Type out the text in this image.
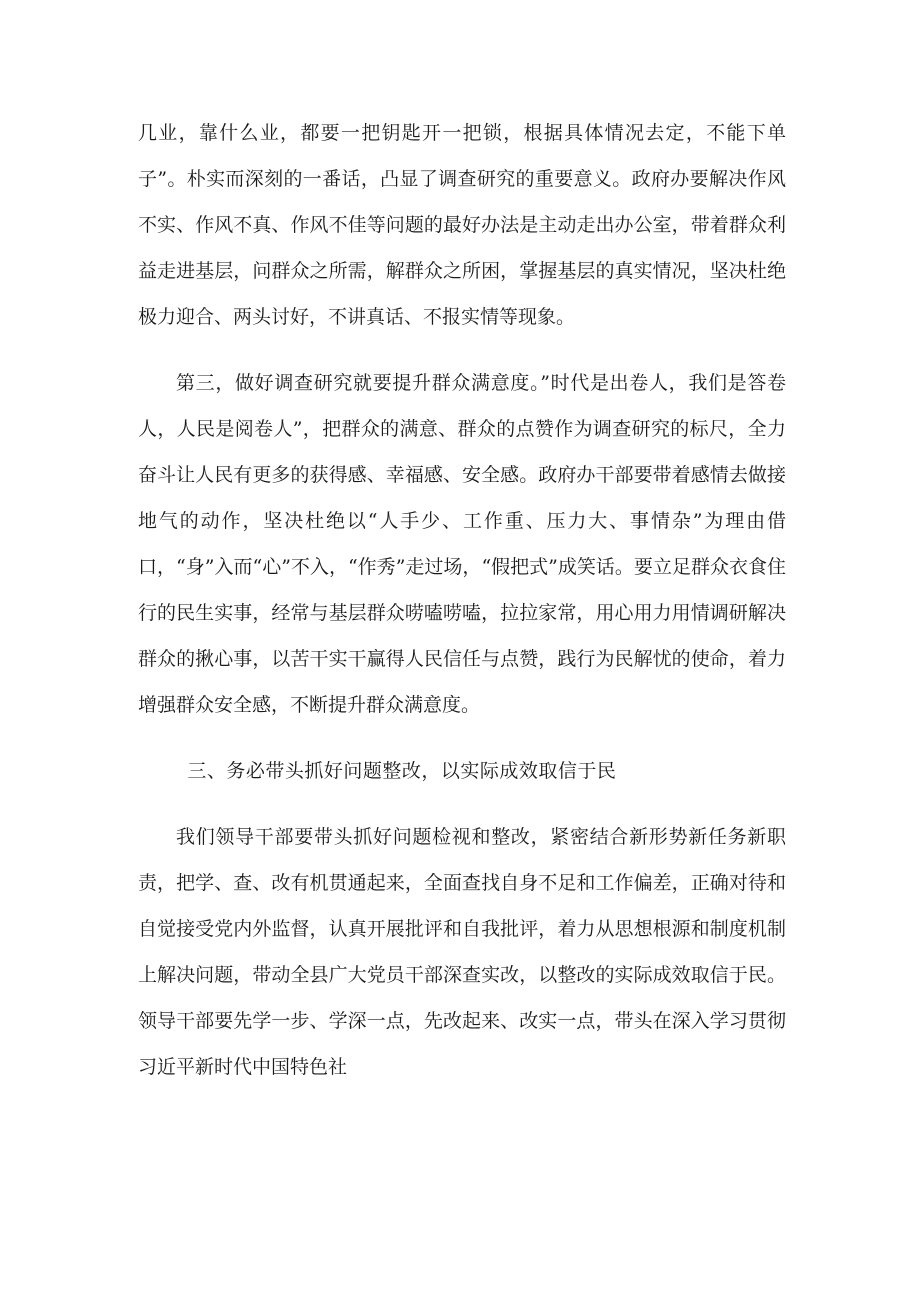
几业，靠什么业，都要一把钥匙开一把锁，根据具体情况去定，不能下单子”。朴实而深刻的一番话，凸显了调查研究的重要意义。政府办要解决作风不实、作风不真、作风不佳等问题的最好办法是主动走出办公室，带着群众利益走进基层，问群众之所需，解群众之所困，掌握基层的真实情况，坚决杜绝极力迎合、两头讨好，不讲真话、不报实情等现象。

第三，做好调查研究就要提升群众满意度。”时代是出卷人，我们是答卷人，人民是阅卷人”，把群众的满意、群众的点赞作为调查研究的标尺，全力奋斗让人民有更多的获得感、幸福感、安全感。政府办干部要带着感情去做接地气的动作，坚决杜绝以“人手少、工作重、压力大、事情杂”为理由借口，“身”入而“心”不入，“作秀”走过场，“假把式”成笑话。要立足群众衣食住行的民生实事，经常与基层群众唠嗑唠嗑，拉拉家常，用心用力用情调研解决群众的揪心事，以苦干实干赢得人民信任与点赞，践行为民解忧的使命，着力增强群众安全感，不断提升群众满意度。

三、务必带头抓好问题整改，以实际成效取信于民

我们领导干部要带头抓好问题检视和整改，紧密结合新形势新任务新职责，把学、查、改有机贯通起来，全面查找自身不足和工作偏差，正确对待和自觉接受党内外监督，认真开展批评和自我批评，着力从思想根源和制度机制上解决问题，带动全县广大党员干部深查实改，以整改的实际成效取信于民。领导干部要先学一步、学深一点，先改起来、改实一点，带头在深入学习贯彻习近平新时代中国特色社
